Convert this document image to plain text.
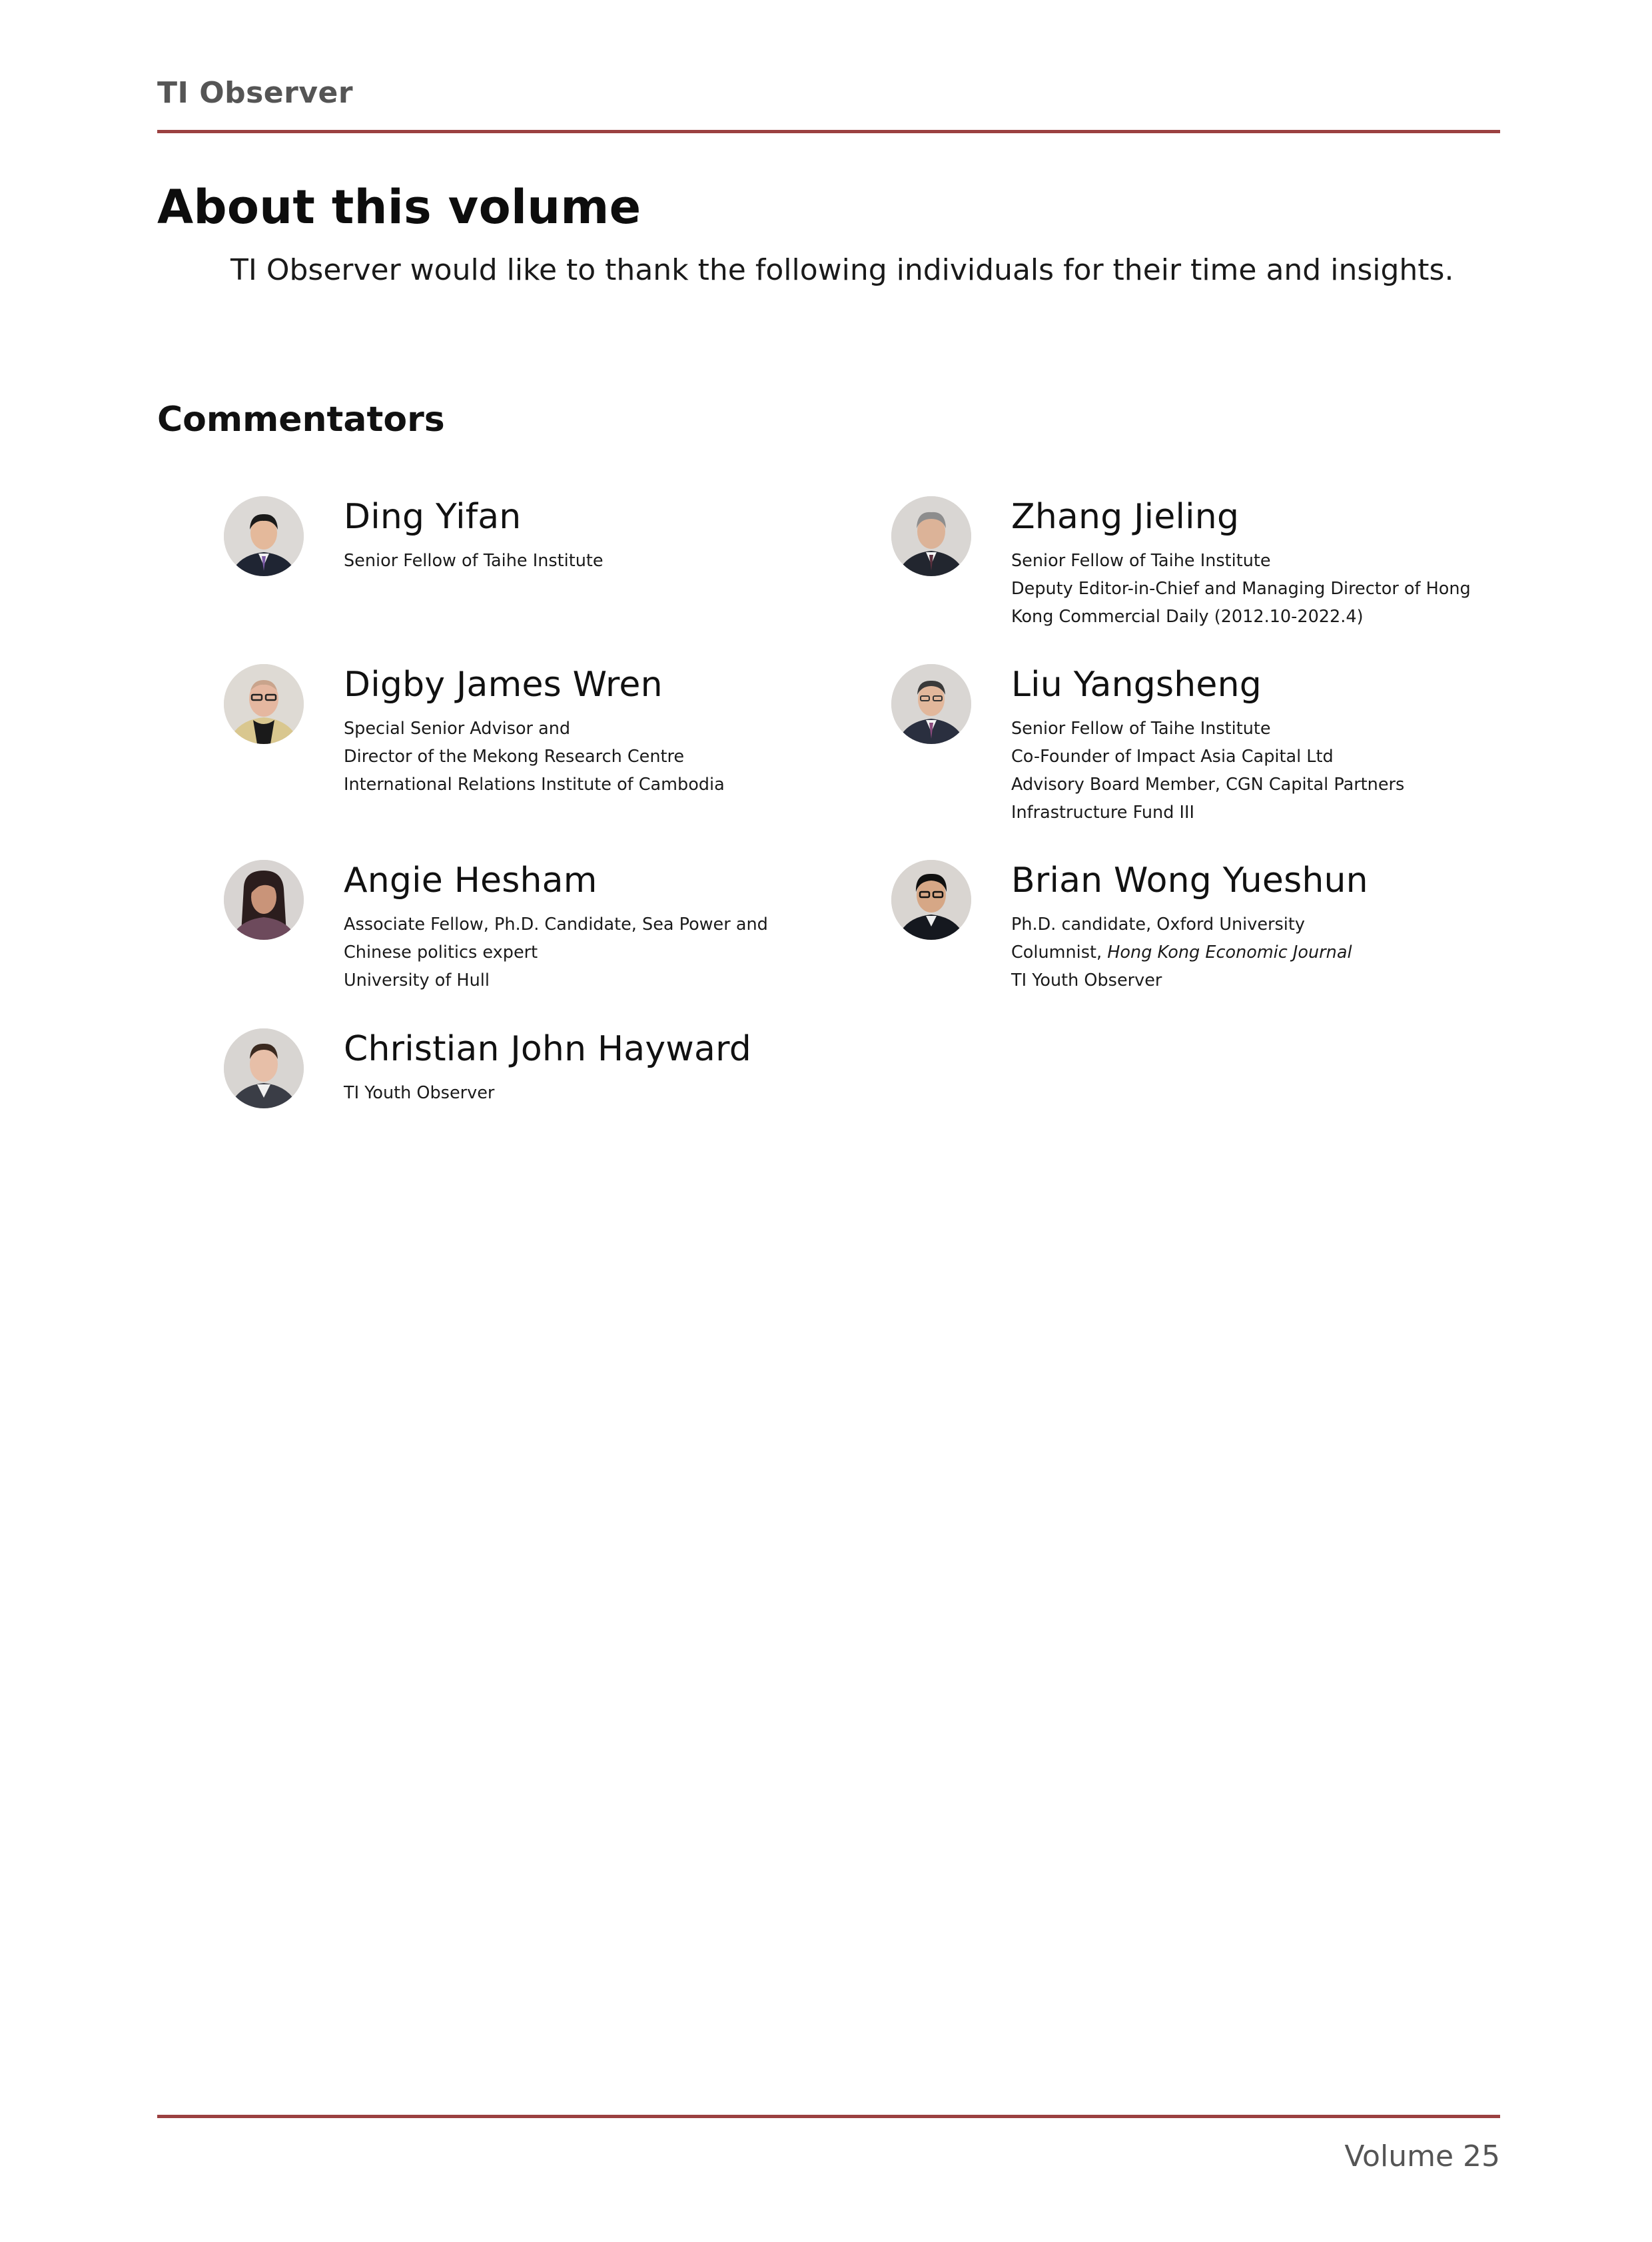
TI Observer
About this volume
TI Observer would like to thank the following individuals for their time and insights.
Commentators
Ding Yifan
Senior Fellow of Taihe Institute
Zhang Jieling
Senior Fellow of Taihe Institute
Deputy Editor-in-Chief and Managing Director of Hong
Kong Commercial Daily (2012.10-2022.4)
Digby James Wren
Special Senior Advisor and
Director of the Mekong Research Centre
International Relations Institute of Cambodia
Liu Yangsheng
Senior Fellow of Taihe Institute
Co-Founder of Impact Asia Capital Ltd
Advisory Board Member, CGN Capital Partners
Infrastructure Fund III
Angie Hesham
Associate Fellow, Ph.D. Candidate, Sea Power and
Chinese politics expert
University of Hull
Brian Wong Yueshun
Ph.D. candidate, Oxford University
Columnist, Hong Kong Economic Journal
TI Youth Observer
Christian John Hayward
TI Youth Observer
Volume 25
